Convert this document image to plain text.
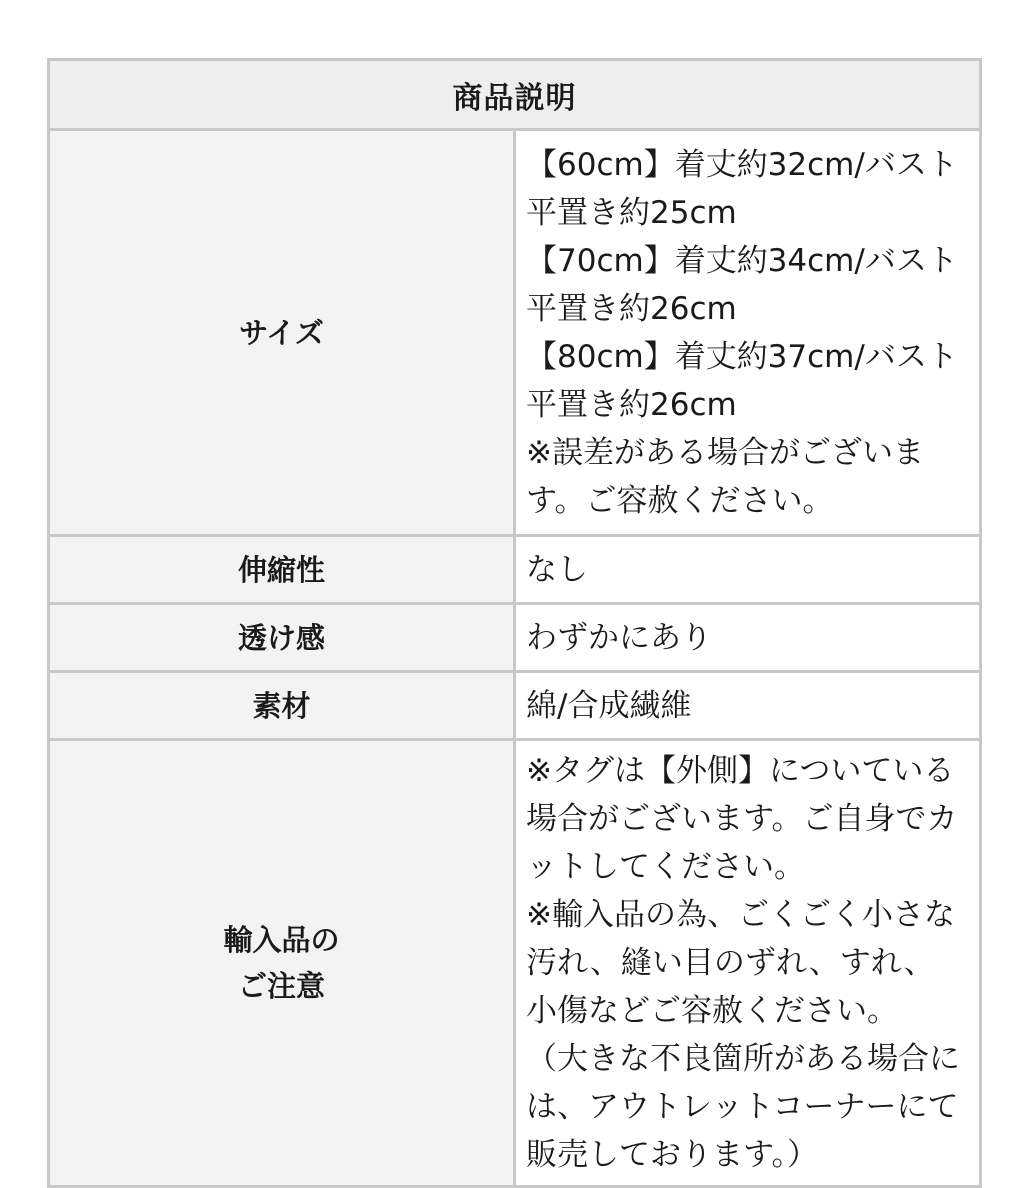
商品説明	
サイズ	【60cm】着丈約32cm/バスト平置き約25cm
【70cm】着丈約34cm/バスト平置き約26cm
【80cm】着丈約37cm/バスト平置き約26cm
※誤差がある場合がございます。ご容赦ください。

伸縮性	なし
透け感	わずかにあり
素材	綿/合成繊維

輸入品の
ご注意	※タグは【外側】についている場合がございます。ご自身でカットしてください。
※輸入品の為、ごくごく小さな汚れ、縫い目のずれ、すれ、小傷などご容赦ください。
（大きな不良箇所がある場合には、アウトレットコーナーにて販売しております。）
